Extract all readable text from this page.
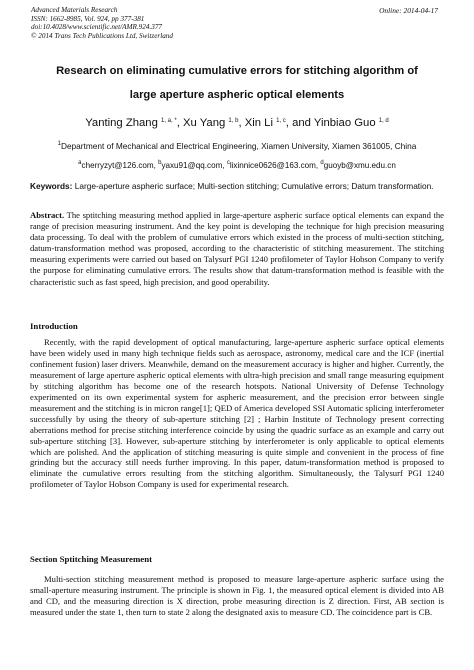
Advanced Materials Research
ISSN: 1662-8985, Vol. 924, pp 377-381
doi:10.4028/www.scientific.net/AMR.924.377
© 2014 Trans Tech Publications Ltd, Switzerland
Online: 2014-04-17
Research on eliminating cumulative errors for stitching algorithm of
large aperture aspheric optical elements
Yanting Zhang $^{1, a, *}$, Xu Yang $^{1, b}$, Xin Li $^{1, c}$, and Yinbiao Guo $^{1, d}$
$^1$Department of Mechanical and Electrical Engineering, Xiamen University, Xiamen 361005, China
$^a$cherryzyt@126.com, $^b$yaxu91@qq.com, $^c$lixinnice0626@163.com, $^d$guoyb@xmu.edu.cn
Keywords: Large-aperture aspheric surface; Multi-section stitching; Cumulative errors; Datum transformation.
Abstract. The sptitching measuring method applied in large-aperture aspheric surface optical elements can expand the range of precision measuring instrument. And the key point is developing the technique for high precision measuring data processing. To deal with the problem of cumulative errors which existed in the process of multi-section stitching, datum-transformation method was proposed, according to the characteristic of stitching measurement. The stitching measuring experiments were carried out based on Talysurf PGI 1240 profilometer of Taylor Hobson Company to verify the purpose for eliminating cumulative errors. The results show that datum-transformation method is feasible with the characteristic such as fast speed, high precision, and good operability.
Introduction
Recently, with the rapid development of optical manufacturing, large-aperture aspheric surface optical elements have been widely used in many high technique fields such as aerospace, astronomy, medical care and the ICF (inertial confinement fusion) laser drivers. Meanwhile, demand on the measurement accuracy is higher and higher. Currently, the measurement of large aperture aspheric optical elements with ultra-high precision and small range measuring equipment by stitching algorithm has become one of the research hotspots. National University of Defense Technology experimented on its own experimental system for aspheric measurement, and the precision error between single measurement and the stitching is in micron range[1]; QED of America developed SSI Automatic splicing interferometer successfully by using the theory of sub-aperture stitching [2] ; Harbin Institute of Technology present correcting aberrations method for precise stitching interference coincide by using the quadric surface as an example and carry out sub-aperture stitching [3]. However, sub-aperture stitching by interferometer is only applicable to optical elements which are polished. And the application of stitching measuring is quite simple and convenient in the process of fine grinding but the accuracy still needs further improving. In this paper, datum-transformation method is proposed to eliminate the cumulative errors resulting from the stitching algorithm. Simultaneously, the Talysurf PGI 1240 profilometer of Taylor Hobson Company is used for experimental research.
Section Sptitching Measurement
Multi-section stitching measurement method is proposed to measure large-aperture aspheric surface using the small-aperture measuring instrument. The principle is shown in Fig. 1, the measured optical element is divided into AB and CD, and the measuring direction is X direction, probe measuring direction is Z direction. First, AB section is measured under the state 1, then turn to state 2 along the designated axis to measure CD. The coincidence part is CB.
